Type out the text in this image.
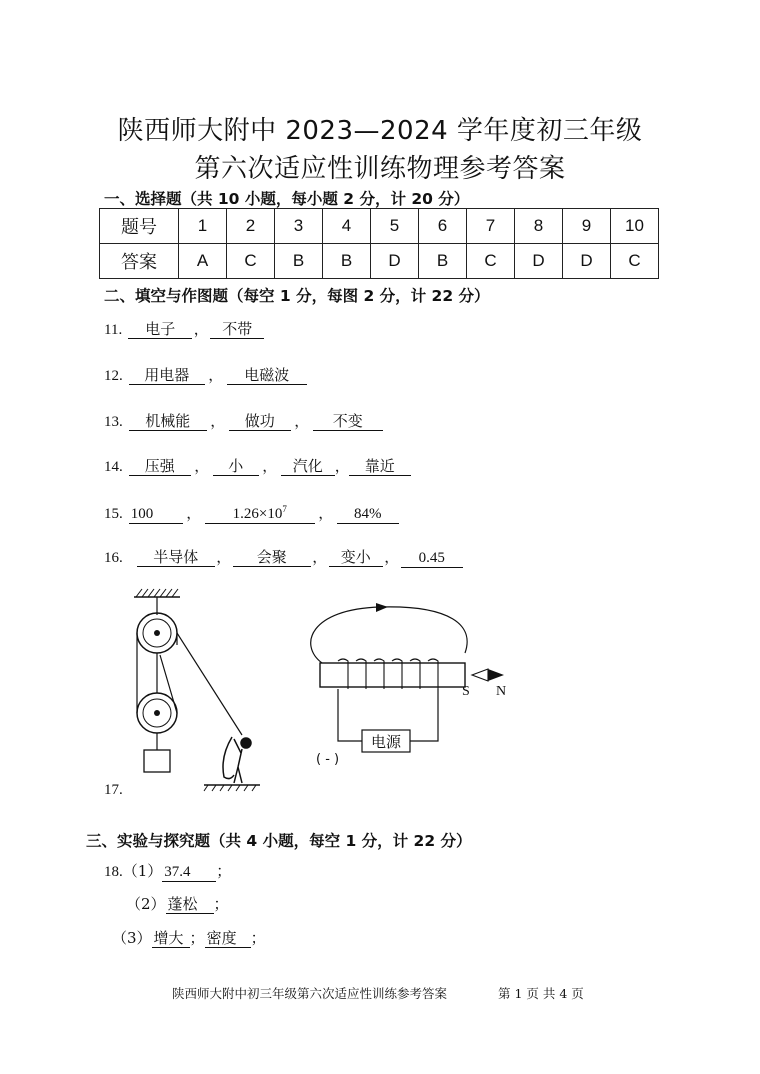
陕西师大附中 2023—2024 学年度初三年级
第六次适应性训练物理参考答案
一、选择题（共 10 小题，每小题 2 分，计 20 分）
题号	1	2	3	4	5	6	7	8	9	10
答案	A	C	B	B	D	B	C	D	D	C
二、填空与作图题（每空 1 分，每图 2 分，计 22 分）
11.	电子	， 不带
12.	用电器	，	电磁波
13.	机械能	，	做功	，	不变
14.	压强	，	小	，	汽化 ， 靠近
15. 100	，	$1.26\times 10^7$	，	84%
16.	半导体	，	会聚	， 变小 ，	0.45
电源
( - )
S N
17.
三、实验与探究题（共 4 小题，每空 1 分，计 22 分）
18. （1） 37.4	；
（2） 蓬松	；
（3） 增大 ； 密度 ；
陕西师大附中初三年级第六次适应性训练参考答案	第 1 页 共 4 页
